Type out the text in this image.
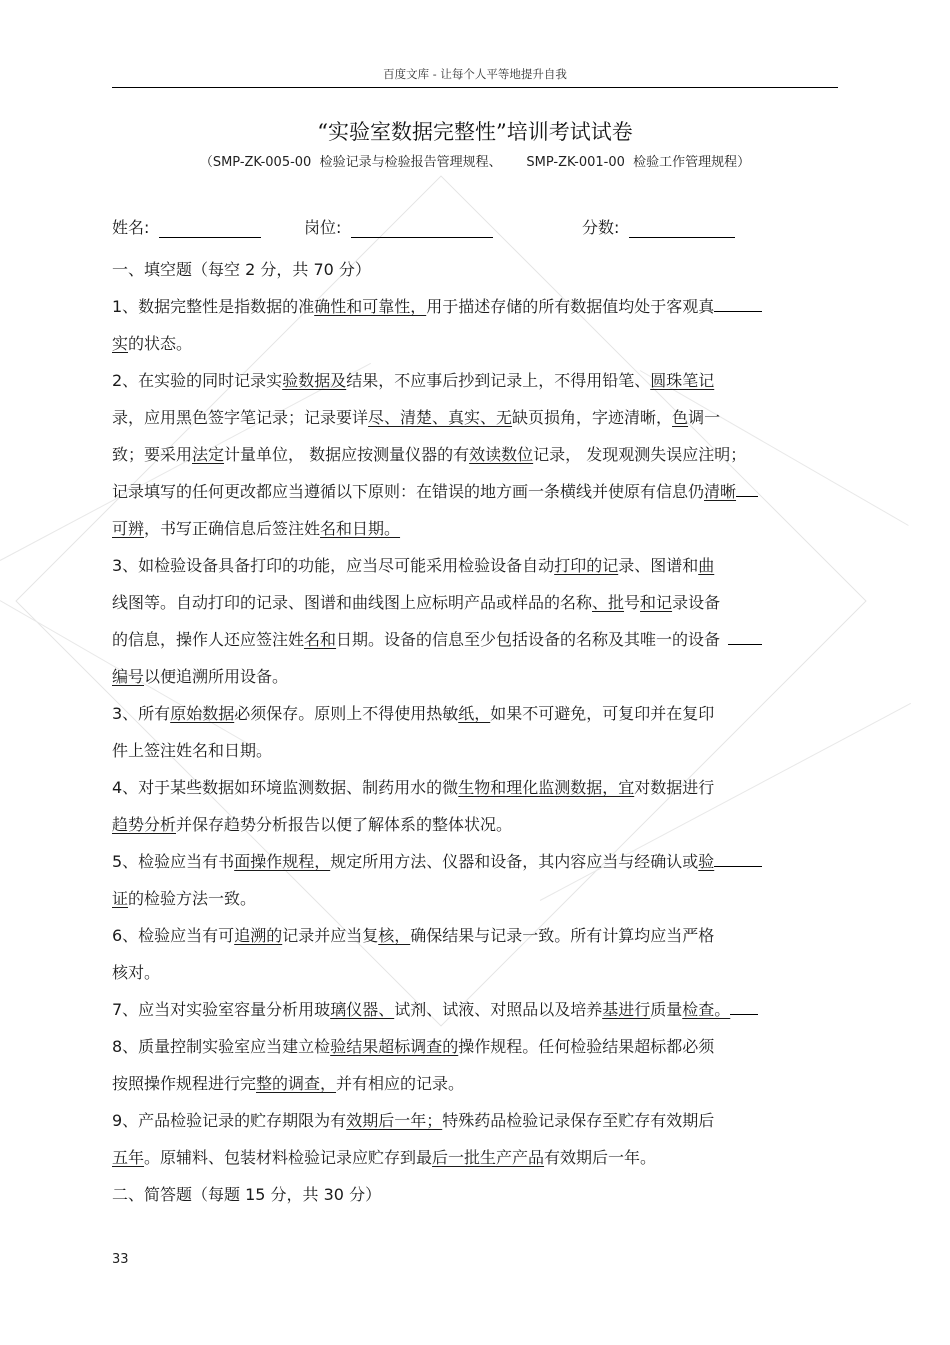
百度文库 - 让每个人平等地提升自我
“实验室数据完整性”培训考试试卷
（SMP-ZK-005-00  检验记录与检验报告管理规程、      SMP-ZK-001-00  检验工作管理规程）
姓名:	岗位:	分数:

一、填空题（每空 2 分，共 70 分）

1、数据完整性是指数据的准确性和可靠性，用于描述存储的所有数据值均处于客观真

实的状态。

2、在实验的同时记录实验数据及结果，不应事后抄到记录上，不得用铅笔、圆珠笔记

录，应用黑色签字笔记录；记录要详尽、清楚、真实、无缺页损角，字迹清晰，色调一

致；要采用法定计量单位， 数据应按测量仪器的有效读数位记录， 发现观测失误应注明；

记录填写的任何更改都应当遵循以下原则：在错误的地方画一条横线并使原有信息仍清晰

可辨，书写正确信息后签注姓名和日期。

3、如检验设备具备打印的功能，应当尽可能采用检验设备自动打印的记录、图谱和曲

线图等。自动打印的记录、图谱和曲线图上应标明产品或样品的名称、批号和记录设备

的信息，操作人还应签注姓名和日期。设备的信息至少包括设备的名称及其唯一的设备

编号以便追溯所用设备。

3、所有原始数据必须保存。原则上不得使用热敏纸，如果不可避免，可复印并在复印

件上签注姓名和日期。

4、对于某些数据如环境监测数据、制药用水的微生物和理化监测数据，宜对数据进行

趋势分析并保存趋势分析报告以便了解体系的整体状况。

5、检验应当有书面操作规程，规定所用方法、仪器和设备，其内容应当与经确认或验

证的检验方法一致。

6、检验应当有可追溯的记录并应当复核，确保结果与记录一致。所有计算均应当严格

核对。

7、应当对实验室容量分析用玻璃仪器、试剂、试液、对照品以及培养基进行质量检查。

8、质量控制实验室应当建立检验结果超标调查的操作规程。任何检验结果超标都必须

按照操作规程进行完整的调查，并有相应的记录。

9、产品检验记录的贮存期限为有效期后一年；特殊药品检验记录保存至贮存有效期后

五年。原辅料、包装材料检验记录应贮存到最后一批生产产品有效期后一年。

二、简答题（每题 15 分，共 30 分）

33
